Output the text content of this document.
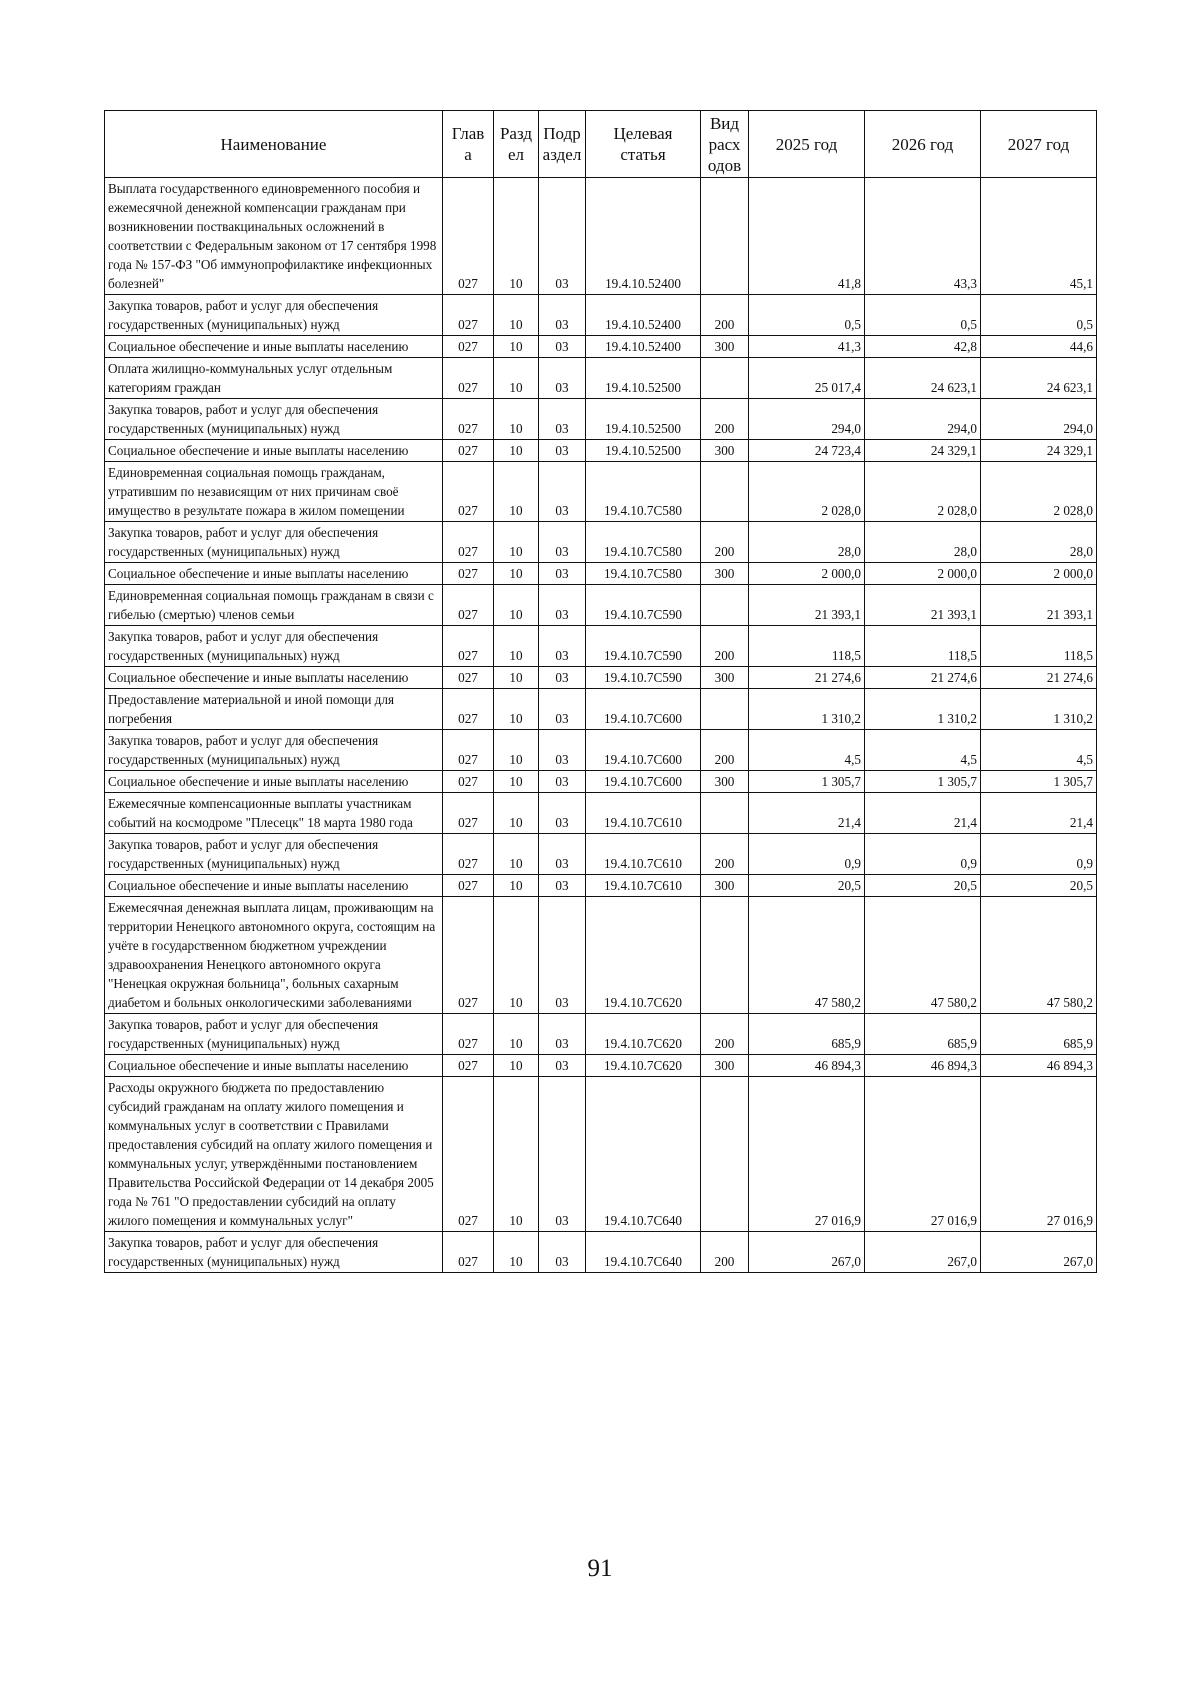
Наименование	Глав а	Разд ел	Подр аздел	Целевая статья	Вид расх одов	2025 год	2026 год	2027 год
Выплата государственного единовременного пособия и ежемесячной денежной компенсации гражданам при возникновении поствакцинальных осложнений в соответствии с Федеральным законом от 17 сентября 1998 года № 157-ФЗ "Об иммунопрофилактике инфекционных болезней"	027	10	03	19.4.10.52400		41,8	43,3	45,1
Закупка товаров, работ и услуг для обеспечения государственных (муниципальных) нужд	027	10	03	19.4.10.52400	200	0,5	0,5	0,5
Социальное обеспечение и иные выплаты населению	027	10	03	19.4.10.52400	300	41,3	42,8	44,6
Оплата жилищно-коммунальных услуг отдельным категориям граждан	027	10	03	19.4.10.52500		25 017,4	24 623,1	24 623,1
Закупка товаров, работ и услуг для обеспечения государственных (муниципальных) нужд	027	10	03	19.4.10.52500	200	294,0	294,0	294,0
Социальное обеспечение и иные выплаты населению	027	10	03	19.4.10.52500	300	24 723,4	24 329,1	24 329,1
Единовременная социальная помощь гражданам, утратившим по независящим от них причинам своё имущество в результате пожара в жилом помещении	027	10	03	19.4.10.7С580		2 028,0	2 028,0	2 028,0
Закупка товаров, работ и услуг для обеспечения государственных (муниципальных) нужд	027	10	03	19.4.10.7С580	200	28,0	28,0	28,0
Социальное обеспечение и иные выплаты населению	027	10	03	19.4.10.7С580	300	2 000,0	2 000,0	2 000,0
Единовременная социальная помощь гражданам в связи с гибелью (смертью) членов семьи	027	10	03	19.4.10.7С590		21 393,1	21 393,1	21 393,1
Закупка товаров, работ и услуг для обеспечения государственных (муниципальных) нужд	027	10	03	19.4.10.7С590	200	118,5	118,5	118,5
Социальное обеспечение и иные выплаты населению	027	10	03	19.4.10.7С590	300	21 274,6	21 274,6	21 274,6
Предоставление материальной и иной помощи для погребения	027	10	03	19.4.10.7С600		1 310,2	1 310,2	1 310,2
Закупка товаров, работ и услуг для обеспечения государственных (муниципальных) нужд	027	10	03	19.4.10.7С600	200	4,5	4,5	4,5
Социальное обеспечение и иные выплаты населению	027	10	03	19.4.10.7С600	300	1 305,7	1 305,7	1 305,7
Ежемесячные компенсационные выплаты участникам событий на космодроме "Плесецк" 18 марта 1980 года	027	10	03	19.4.10.7С610		21,4	21,4	21,4
Закупка товаров, работ и услуг для обеспечения государственных (муниципальных) нужд	027	10	03	19.4.10.7С610	200	0,9	0,9	0,9
Социальное обеспечение и иные выплаты населению	027	10	03	19.4.10.7С610	300	20,5	20,5	20,5
Ежемесячная денежная выплата лицам, проживающим на территории Ненецкого автономного округа, состоящим на учёте в государственном бюджетном учреждении здравоохранения Ненецкого автономного округа "Ненецкая окружная больница", больных сахарным диабетом и больных онкологическими заболеваниями	027	10	03	19.4.10.7С620		47 580,2	47 580,2	47 580,2
Закупка товаров, работ и услуг для обеспечения государственных (муниципальных) нужд	027	10	03	19.4.10.7С620	200	685,9	685,9	685,9
Социальное обеспечение и иные выплаты населению	027	10	03	19.4.10.7С620	300	46 894,3	46 894,3	46 894,3
Расходы окружного бюджета по предоставлению субсидий гражданам на оплату жилого помещения и коммунальных услуг в соответствии с Правилами предоставления субсидий на оплату жилого помещения и коммунальных услуг, утверждёнными постановлением Правительства Российской Федерации от 14 декабря 2005 года № 761 "О предоставлении субсидий на оплату жилого помещения и коммунальных услуг"	027	10	03	19.4.10.7С640		27 016,9	27 016,9	27 016,9
Закупка товаров, работ и услуг для обеспечения государственных (муниципальных) нужд	027	10	03	19.4.10.7С640	200	267,0	267,0	267,0
91
